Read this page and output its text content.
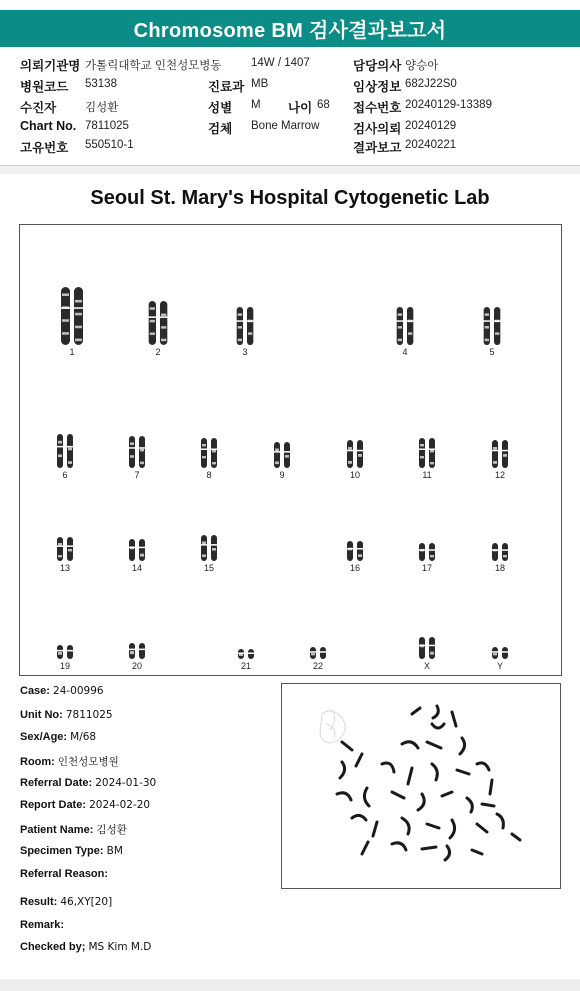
Chromosome BM 검사결과보고서
의뢰기관명 가톨릭대학교 인천성모병동	14W / 1407	담당의사 양승아
병원코드 53138	진료과 MB	임상정보 682J22S0
수진자	김성환	성별 M 나이 68 접수번호 20240129-13389
Chart No. 7811025	검체 Bone Marrow	검사의뢰 20240129
고유번호 550510-1	결과보고 20240221
Seoul St. Mary's Hospital Cytogenetic Lab
1	2	3	4	5
6	7	8	9	10	11	12
13	14	15	16	17	18
19	20	21	22	X	Y
Case: 24-00996
Unit No: 7811025
Sex/Age: M/68
Room: 인천성모병원
Referral Date: 2024-01-30
Report Date: 2024-02-20
Patient Name: 김성환
Specimen Type: BM
Referral Reason:
Result: 46,XY[20]
Remark:
Checked by; MS Kim M.D
